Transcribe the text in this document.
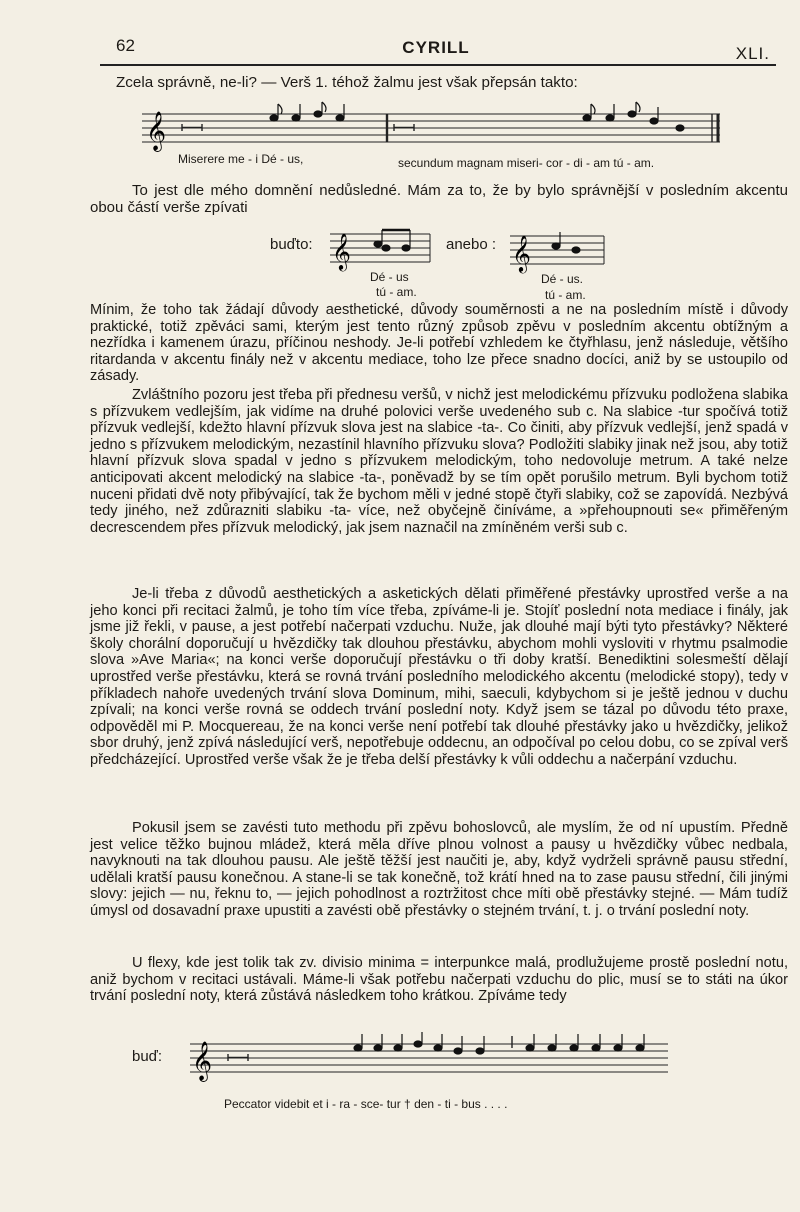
62	CYRILL	XLI.
Zcela správně, ne-li? — Verš 1. téhož žalmu jest však přepsán takto:
𝄞
Miserere me - i Dé - us,	secundum magnam miseri- cor - di - am tú - am.
To jest dle mého domnění nedůsledné. Mám za to, že by bylo správnější v posledním akcentu obou částí verše zpívati
buďto: 𝄞
Dé - us
tú - am.
anebo : 𝄞
Dé - us.
tú - am.
Mínim, že toho tak žádají důvody aesthetické, důvody souměrnosti a ne na posledním místě i důvody praktické, totiž zpěváci sami, kterým jest tento různý způsob zpěvu v posledním akcentu obtížným a nezřídka i kamenem úrazu, příčinou neshody. Je-li potřebí vzhledem ke čtyřhlasu, jenž následuje, většího ritardanda v akcentu finály než v akcentu mediace, toho lze přece snadno docíci, aniž by se ustoupilo od zásady.
Zvláštního pozoru jest třeba při přednesu veršů, v nichž jest melodickému přízvuku podložena slabika s přízvukem vedlejším, jak vidíme na druhé polovici verše uvedeného sub c. Na slabice -tur spočívá totiž přízvuk vedlejší, kdežto hlavní přízvuk slova jest na slabice -ta-. Co činiti, aby přízvuk vedlejší, jenž spadá v jedno s přízvukem melodickým, nezastínil hlavního přízvuku slova? Podložiti slabiky jinak než jsou, aby totiž hlavní přízvuk slova spadal v jedno s přízvukem melodickým, toho nedovoluje metrum. A také nelze anticipovati akcent melodický na slabice -ta-, poněvadž by se tím opět porušilo metrum. Byli bychom totiž nuceni přidati dvě noty přibývající, tak že bychom měli v jedné stopě čtyři slabiky, což se zapovídá. Nezbývá tedy jiného, než zdůrazniti slabiku -ta- více, než obyčejně činíváme, a »přehoupnouti se« přiměřeným decrescendem přes přízvuk melodický, jak jsem naznačil na zmíněném verši sub c.
Je-li třeba z důvodů aesthetických a asketických dělati přiměřené přestávky uprostřed verše a na jeho konci při recitaci žalmů, je toho tím více třeba, zpíváme-li je. Stojíť poslední nota mediace i finály, jak jsme již řekli, v pause, a jest potřebí načerpati vzduchu. Nuže, jak dlouhé mají býti tyto přestávky? Některé školy chorální doporučují u hvězdičky tak dlouhou přestávku, abychom mohli vysloviti v rhytmu psalmodie slova »Ave Maria«; na konci verše doporučují přestávku o tři doby kratší. Benediktini solesmeští dělají uprostřed verše přestávku, která se rovná trvání posledního melodického akcentu (melodické stopy), tedy v příkladech nahoře uvedených trvání slova Dominum, mihi, saeculi, kdybychom si je ještě jednou v duchu zpívali; na konci verše rovná se oddech trvání poslední noty. Když jsem se tázal po důvodu této praxe, odpověděl mi P. Mocquereau, že na konci verše není potřebí tak dlouhé přestávky jako u hvězdičky, jelikož sbor druhý, jenž zpívá následující verš, nepotřebuje oddecnu, an odpočíval po celou dobu, co se zpíval verš předcházející. Uprostřed verše však že je třeba delší přestávky k vůli oddechu a načerpání vzduchu.
Pokusil jsem se zavésti tuto methodu při zpěvu bohoslovců, ale myslím, že od ní upustím. Předně jest velice těžko bujnou mládež, která měla dříve plnou volnost a pausy u hvězdičky vůbec nedbala, navyknouti na tak dlouhou pausu. Ale ještě těžší jest naučiti je, aby, když vydrželi správně pausu střední, udělali kratší pausu konečnou. A stane-li se tak konečně, tož krátí hned na to zase pausu střední, čili jinými slovy: jejich — nu, řeknu to, — jejich pohodlnost a roztržitost chce míti obě přestávky stejné. — Mám tudíž úmysl od dosavadní praxe upustiti a zavésti obě přestávky o stejném trvání, t. j. o trvání poslední noty.
U flexy, kde jest tolik tak zv. divisio minima = interpunkce malá, prodlužujeme prostě poslední notu, aniž bychom v recitaci ustávali. Máme-li však potřebu načerpati vzduchu do plic, musí se to státi na úkor trvání poslední noty, která zůstává následkem toho krátkou. Zpíváme tedy
buď: 𝄞
Peccator videbit et i - ra - sce- tur † den - ti - bus . . . .
